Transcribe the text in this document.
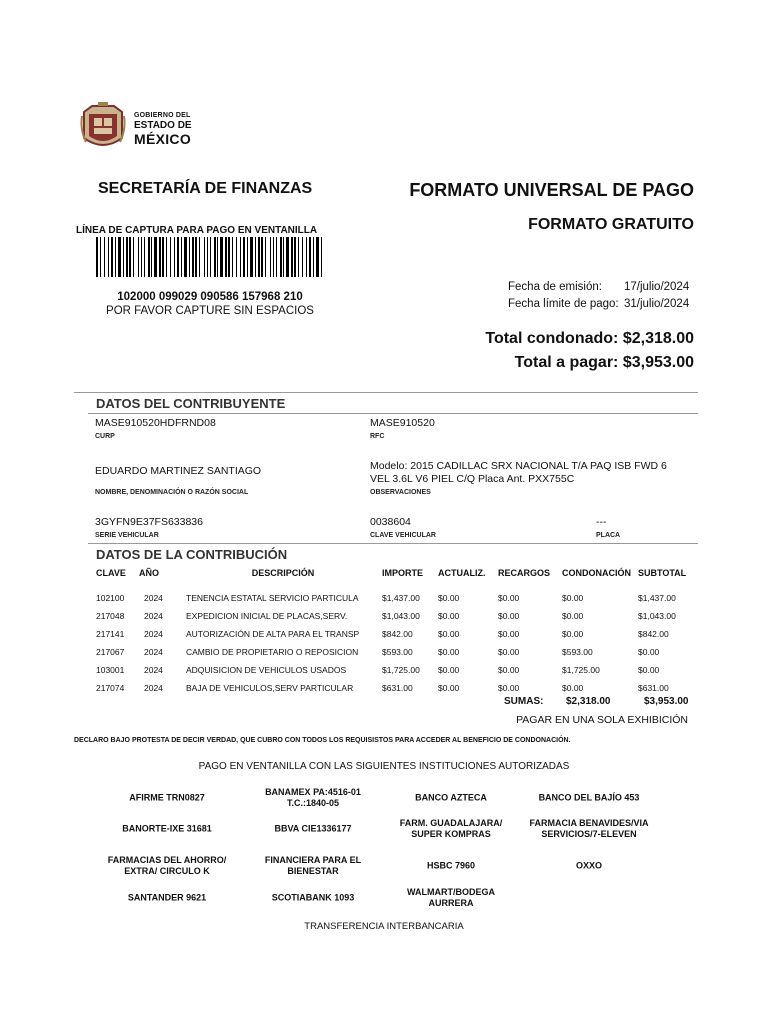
GOBIERNO DEL
ESTADO DE
MÉXICO
SECRETARÍA DE FINANZAS	FORMATO UNIVERSAL DE PAGO
FORMATO GRATUITO
LÍNEA DE CAPTURA PARA PAGO EN VENTANILLA
102000 099029 090586 157968 210
POR FAVOR CAPTURE SIN ESPACIOS
Fecha de emisión: 17/julio/2024
Fecha límite de pago: 31/julio/2024
Total condonado: $2,318.00
Total a pagar: $3,953.00
DATOS DEL CONTRIBUYENTE
MASE910520HDFRND08
CURP
MASE910520
RFC
EDUARDO MARTINEZ SANTIAGO
NOMBRE, DENOMINACIÓN O RAZÓN SOCIAL
Modelo: 2015 CADILLAC SRX NACIONAL T/A PAQ ISB FWD 6 VEL 3.6L V6 PIEL C/Q Placa Ant. PXX755C
OBSERVACIONES
3GYFN9E37FS633836
SERIE VEHICULAR
0038604
CLAVE VEHICULAR
---
PLACA
DATOS DE LA CONTRIBUCIÓN
CLAVE	AÑO	DESCRIPCIÓN	IMPORTE	ACTUALIZ.	RECARGOS	CONDONACIÓN	SUBTOTAL
102100	2024	TENENCIA ESTATAL SERVICIO PARTICULA	$1,437.00	$0.00	$0.00	$0.00	$1,437.00
217048	2024	EXPEDICION INICIAL DE PLACAS,SERV.	$1,043.00	$0.00	$0.00	$0.00	$1,043.00
217141	2024	AUTORIZACIÓN DE ALTA PARA EL TRANSP	$842.00	$0.00	$0.00	$0.00	$842.00
217067	2024	CAMBIO DE PROPIETARIO O REPOSICION	$593.00	$0.00	$0.00	$593.00	$0.00
103001	2024	ADQUISICION DE VEHICULOS USADOS	$1,725.00	$0.00	$0.00	$1,725.00	$0.00
217074	2024	BAJA DE VEHICULOS,SERV PARTICULAR	$631.00	$0.00	$0.00	$0.00	$631.00
SUMAS: $2,318.00	$3,953.00
PAGAR EN UNA SOLA EXHIBICIÓN
DECLARO BAJO PROTESTA DE DECIR VERDAD, QUE CUBRO CON TODOS LOS REQUISISTOS PARA ACCEDER AL BENEFICIO DE CONDONACIÓN.
PAGO EN VENTANILLA CON LAS SIGUIENTES INSTITUCIONES AUTORIZADAS
AFIRME TRN0827
BANAMEX PA:4516-01 T.C.:1840-05
BANCO AZTECA	BANCO DEL BAJÍO 453
BANORTE-IXE 31681	BBVA CIE1336177
FARM. GUADALAJARA/ SUPER KOMPRAS
FARMACIA BENAVIDES/VIA SERVICIOS/7-ELEVEN
FARMACIAS DEL AHORRO/ EXTRA/ CIRCULO K
FINANCIERA PARA EL BIENESTAR
HSBC 7960	OXXO
SANTANDER 9621	SCOTIABANK 1093
WALMART/BODEGA AURRERA
TRANSFERENCIA INTERBANCARIA
